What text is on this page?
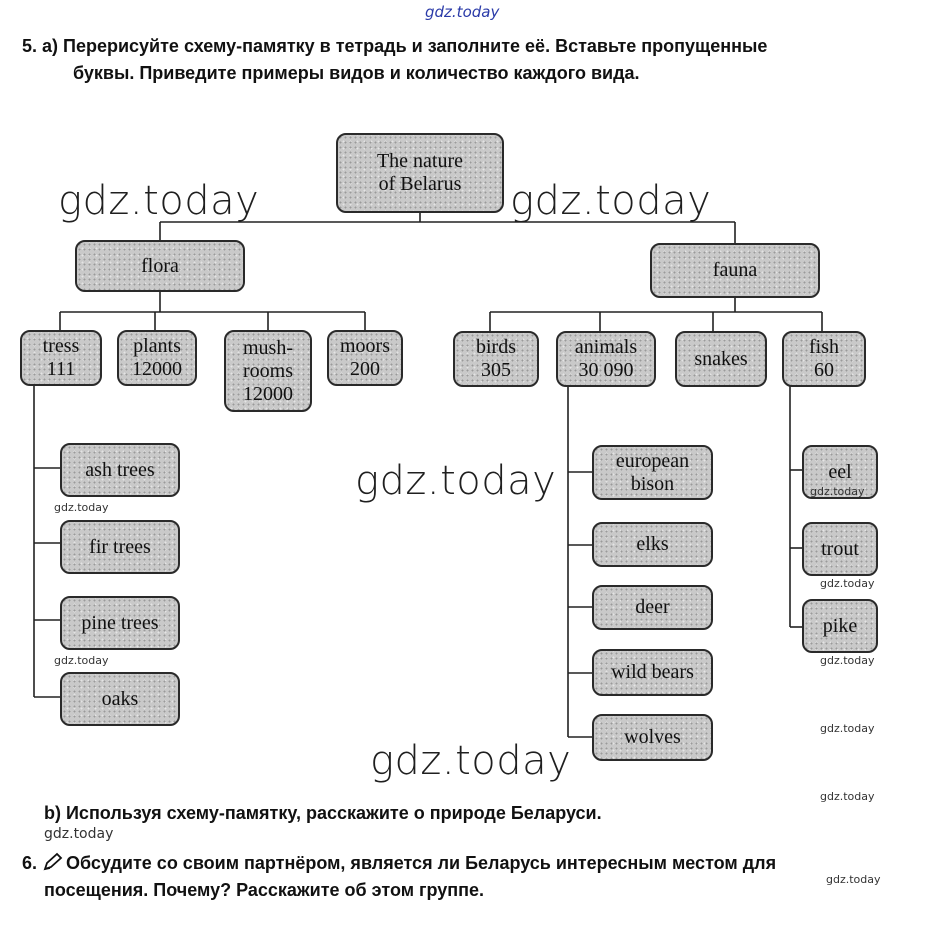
gdz.today
gdz.today	gdz.today
gdz.today
gdz.today
5. a) Перерисуйте схему-памятку в тетрадь и заполните её. Вставьте пропущенные
буквы. Приведите примеры видов и количество каждого вида.
The nature
of Belarus
flora	fauna
tress
111
plants
12000
mush-
rooms
12000
moors
200
birds
305
animals
30 090
snakes
fish
60
ash trees
fir trees
pine trees
oaks
european
bison
elks
deer
wild bears
wolves
eel
trout
pike
gdz.today
gdz.today
gdz.today
gdz.today
gdz.today
gdz.today
gdz.today
gdz.today
gdz.today
b) Используя схему-памятку, расскажите о природе Беларуси.
6. Обсудите со своим партнёром, является ли Беларусь интересным местом для
посещения. Почему? Расскажите об этом группе.
